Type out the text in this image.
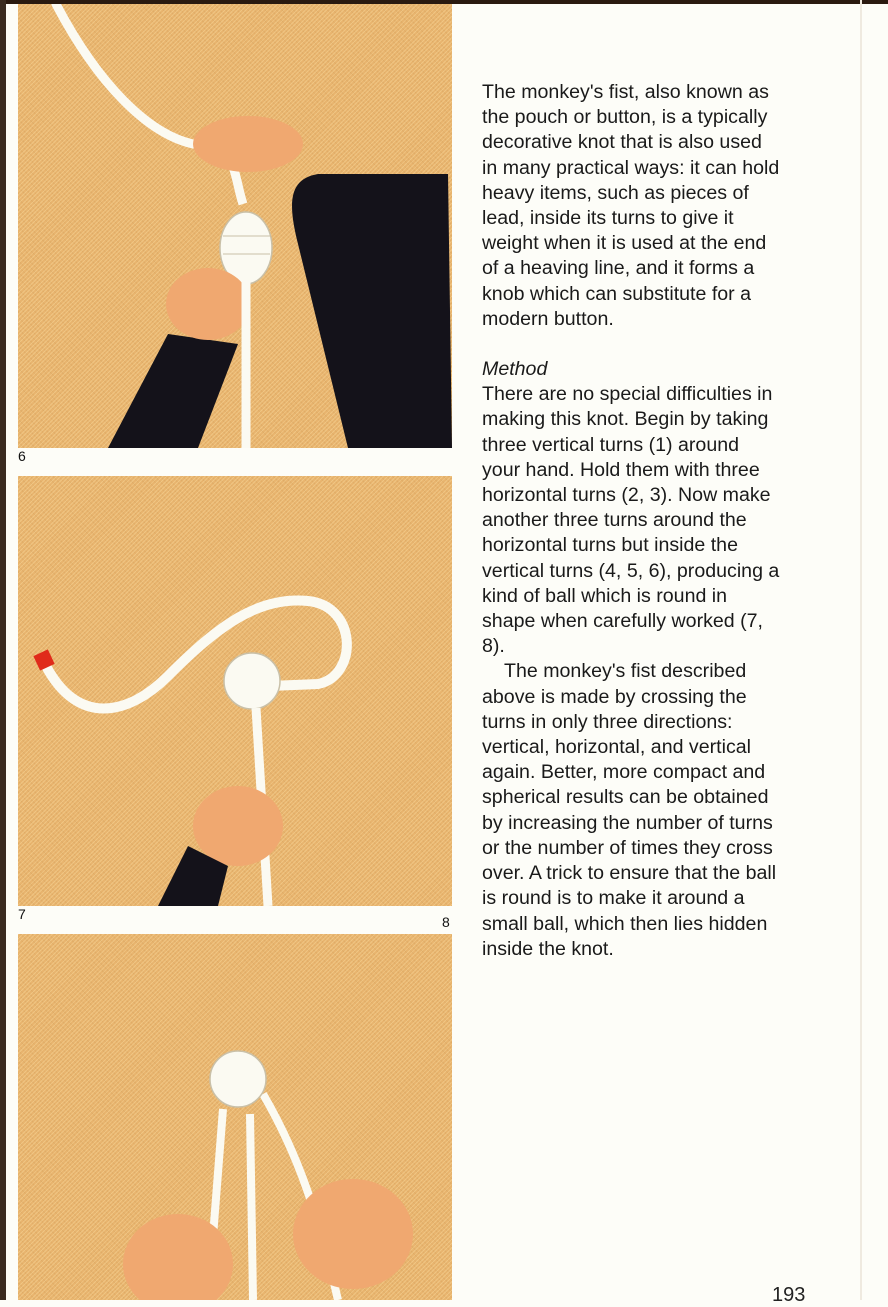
6
7	8

The monkey's fist, also known as the pouch or button, is a typically decorative knot that is also used in many practical ways: it can hold heavy items, such as pieces of lead, inside its turns to give it weight when it is used at the end of a heaving line, and it forms a knob which can substitute for a modern button.

Method

There are no special difficulties in making this knot. Begin by taking three vertical turns (1) around your hand. Hold them with three horizontal turns (2, 3). Now make another three turns around the horizontal turns but inside the vertical turns (4, 5, 6), producing a kind of ball which is round in shape when carefully worked (7, 8).

The monkey's fist described above is made by crossing the turns in only three directions: vertical, horizontal, and vertical again. Better, more compact and spherical results can be obtained by increasing the number of turns or the number of times they cross over. A trick to ensure that the ball is round is to make it around a small ball, which then lies hidden inside the knot.

193
